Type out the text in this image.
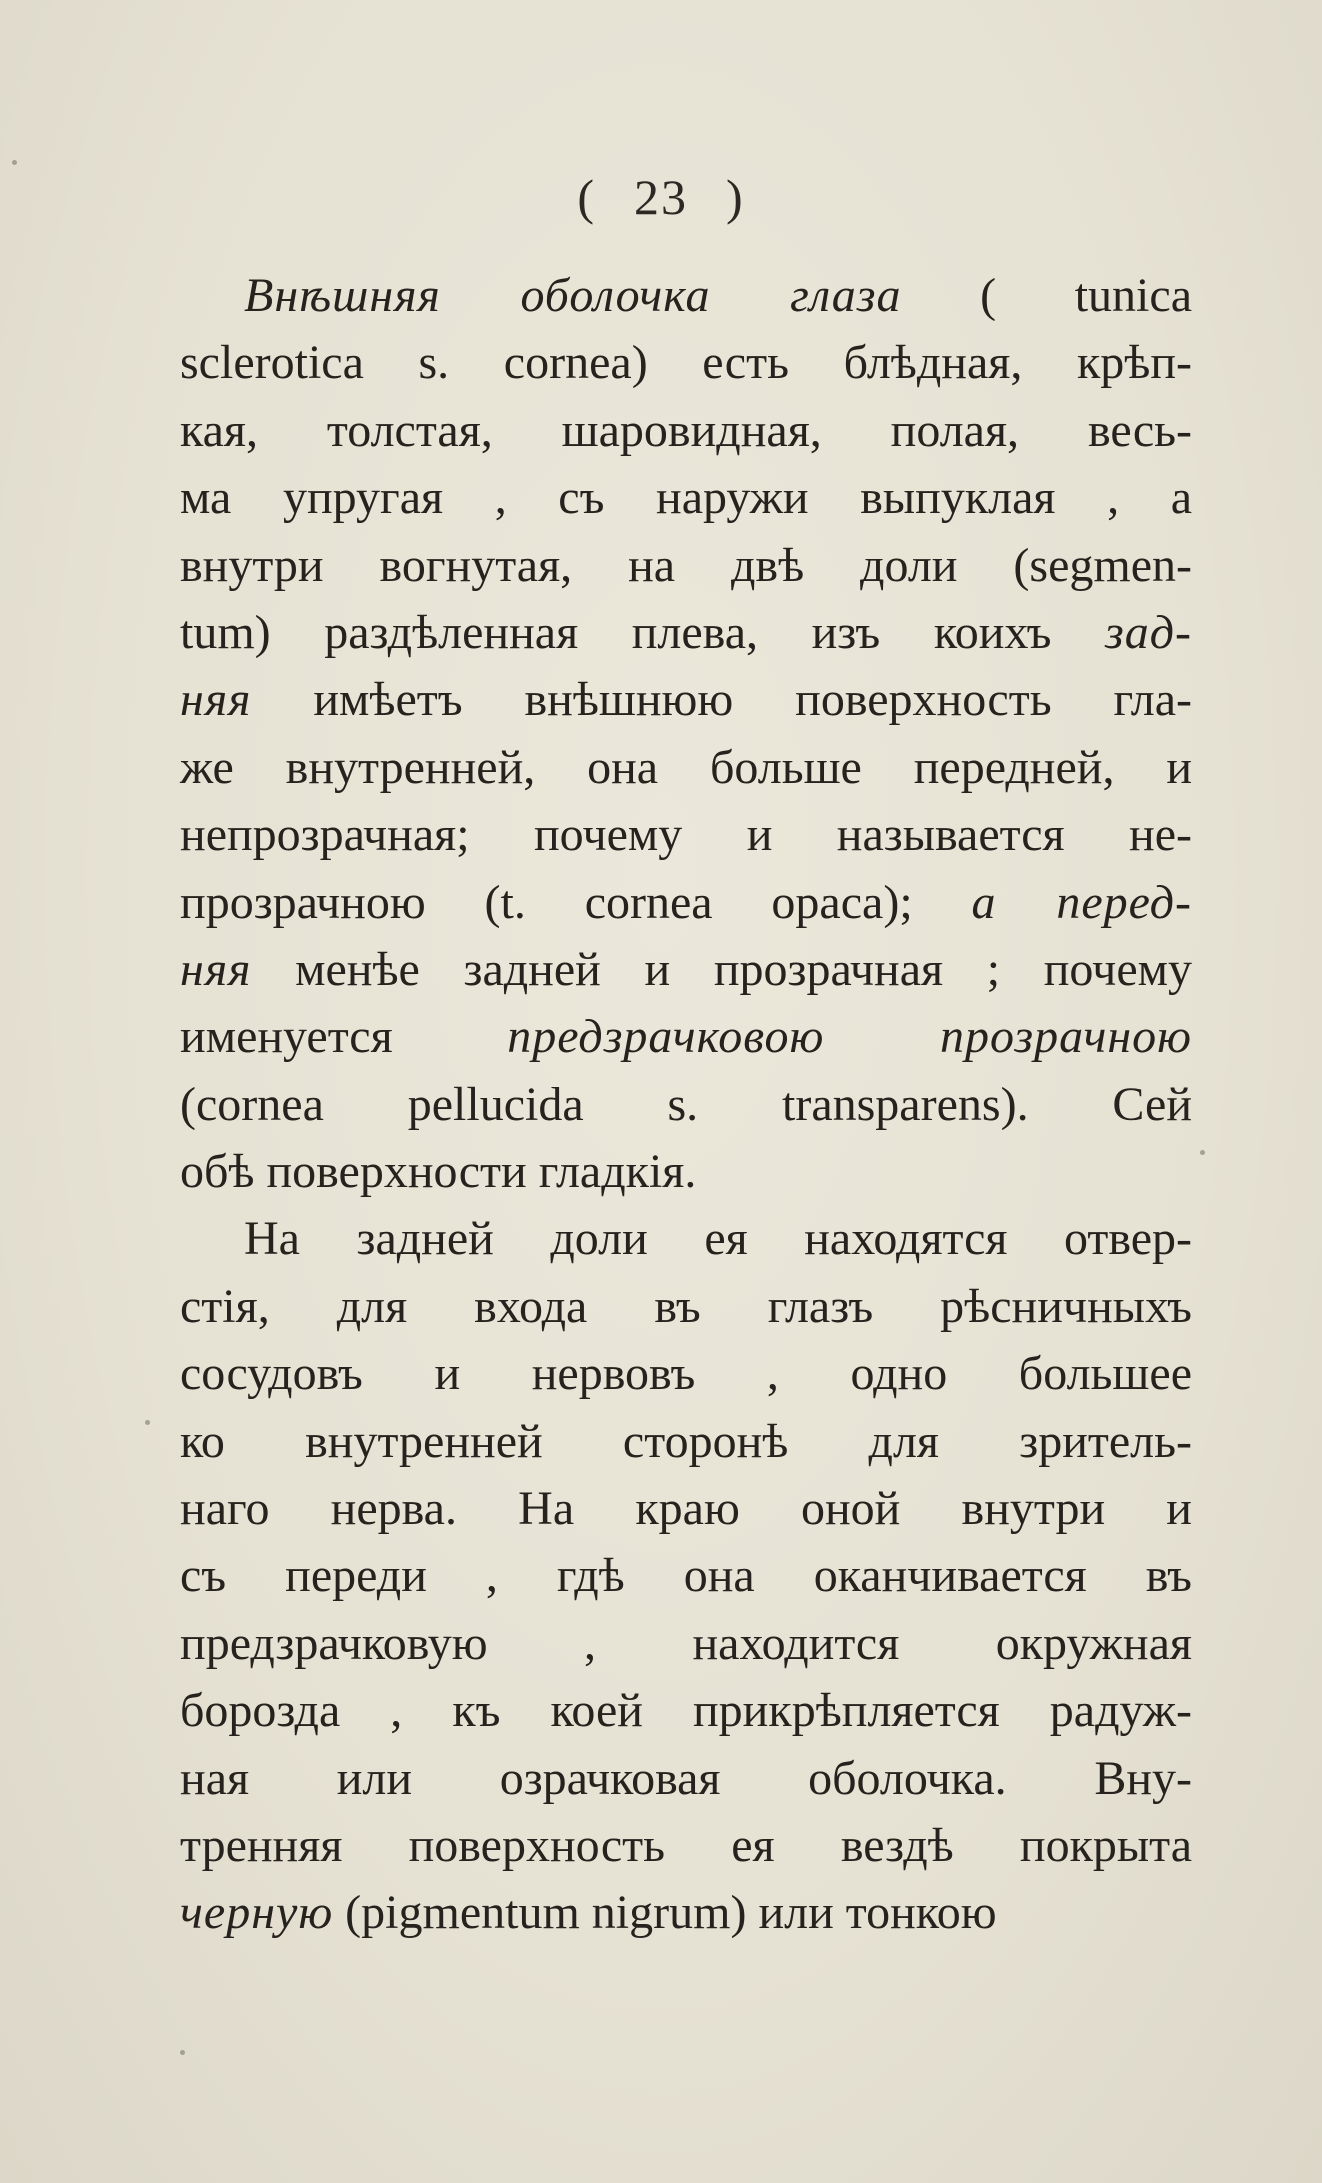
( 23 )
Внѣшняя оболочка глаза ( tunica
sclerotica s. cornea) есть блѣдная, крѣп-
кая, толстая, шаровидная, полая, весь-
ма упругая , съ наружи выпуклая , а
внутри вогнутая, на двѣ доли (segmen-
tum) раздѣленная плева, изъ коихъ зад-
няя имѣетъ внѣшнюю поверхность гла-
же внутренней, она больше передней, и
непрозрачная; почему и называется не-
прозрачною (t. cornea opaca); а перед-
няя менѣе задней и прозрачная ; почему
именуется предзрачковою прозрачною
(cornea pellucida s. transparens). Сей
обѣ поверхности гладкія.
На задней доли ея находятся отвер-
стія, для входа въ глазъ рѣсничныхъ
сосудовъ и нервовъ , одно большее
ко внутренней сторонѣ для зритель-
наго нерва. На краю оной внутри и
съ переди , гдѣ она оканчивается въ
предзрачковую , находится окружная
борозда , къ коей прикрѣпляется радуж-
ная или озрачковая оболочка. Вну-
тренняя поверхность ея вездѣ покрыта
черную (pigmentum nigrum) или тонкою
